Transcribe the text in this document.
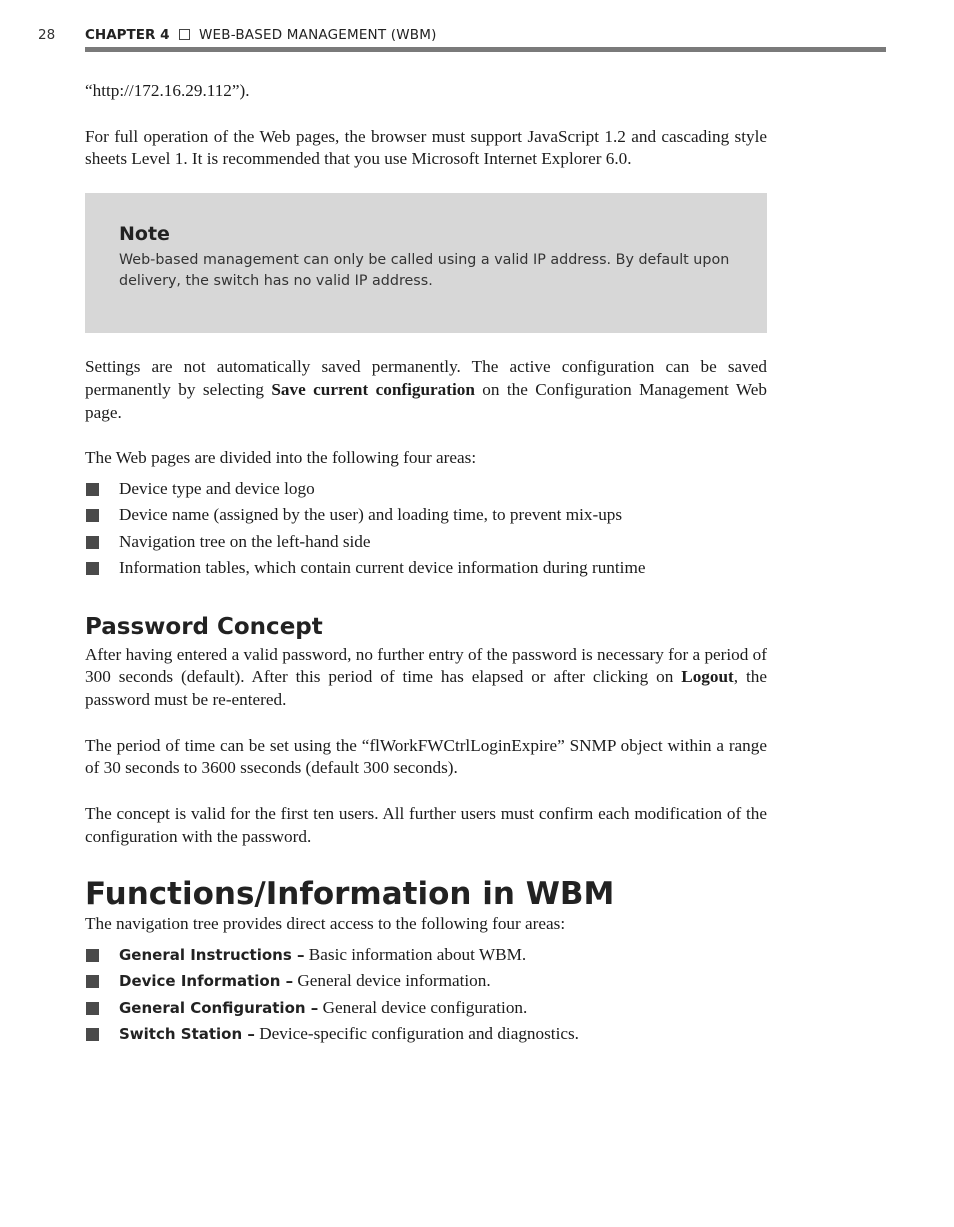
28 CHAPTER 4 WEB-BASED MANAGEMENT (WBM)

“http://172.16.29.112”).

For full operation of the Web pages, the browser must support JavaScript 1.2 and cascading style sheets Level 1. It is recommended that you use Microsoft Internet Explorer 6.0.

Note
Web-based management can only be called using a valid IP address. By default upon delivery, the switch has no valid IP address.

Settings are not automatically saved permanently. The active configuration can be saved permanently by selecting Save current configuration on the Configuration Management Web page.

The Web pages are divided into the following four areas:

Device type and device logo
Device name (assigned by the user) and loading time, to prevent mix-ups
Navigation tree on the left-hand side
Information tables, which contain current device information during runtime
Password Concept

After having entered a valid password, no further entry of the password is necessary for a period of 300 seconds (default). After this period of time has elapsed or after clicking on Logout, the password must be re-entered.

The period of time can be set using the “flWorkFWCtrlLoginExpire” SNMP object within a range of 30 seconds to 3600 sseconds (default 300 seconds).

The concept is valid for the first ten users. All further users must confirm each modification of the configuration with the password.

Functions/Information in WBM

The navigation tree provides direct access to the following four areas:

General Instructions – Basic information about WBM.
Device Information – General device information.
General Configuration – General device configuration.
Switch Station – Device-specific configuration and diagnostics.
